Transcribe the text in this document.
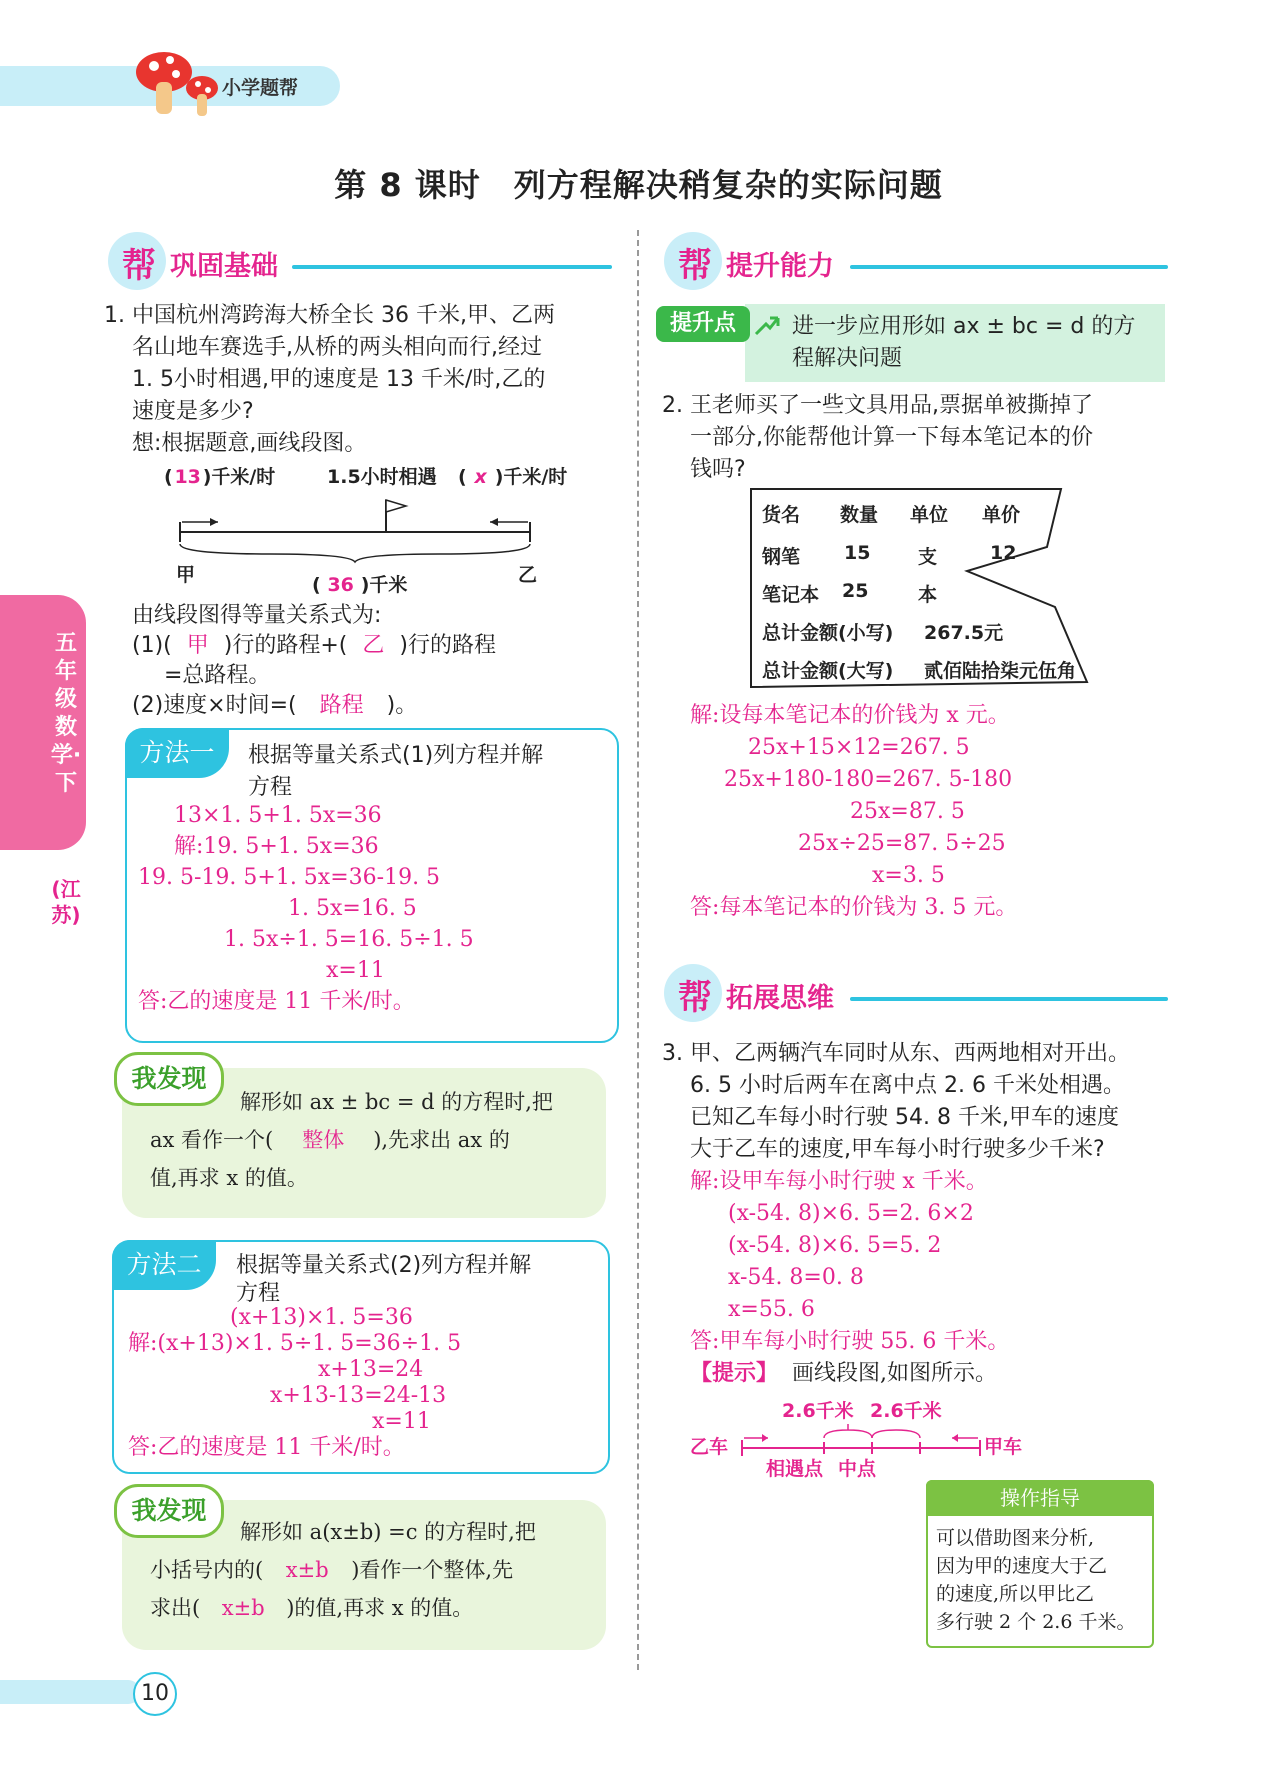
小学题帮
第 8 课时　列方程解决稍复杂的实际问题
五年级数学·下
(江苏)
帮 巩固基础
1. 中国杭州湾跨海大桥全长 36 千米,甲、乙两
名山地车赛选手,从桥的两头相向而行,经过
1. 5小时相遇,甲的速度是 13 千米/时,乙的
速度是多少?
想:根据题意,画线段图。
(13)千米/时	1.5小时相遇 ( x )千米/时
甲	乙
( 36 )千米
由线段图得等量关系式为:
(1)( 甲 )行的路程+( 乙 )行的路程
=总路程。
(2)速度×时间=( 路程 )。
方法一	根据等量关系式(1)列方程并解
方程
13×1. 5+1. 5x=36
解:19. 5+1. 5x=36
19. 5-19. 5+1. 5x=36-19. 5
1. 5x=16. 5
1. 5x÷1. 5=16. 5÷1. 5
x=11
答:乙的速度是 11 千米/时。
我发现
解形如 ax ± bc = d 的方程时,把
ax 看作一个( 整体 ),先求出 ax 的
值,再求 x 的值。
方法二	根据等量关系式(2)列方程并解
方程
(x+13)×1. 5=36
解:(x+13)×1. 5÷1. 5=36÷1. 5
x+13=24
x+13-13=24-13
x=11
答:乙的速度是 11 千米/时。
我发现
解形如 a(x±b) =c 的方程时,把
小括号内的( x±b )看作一个整体,先
求出( x±b )的值,再求 x 的值。
帮 提升能力
提升点	进一步应用形如 ax ± bc = d 的方
程解决问题
2. 王老师买了一些文具用品,票据单被撕掉了
一部分,你能帮他计算一下每本笔记本的价
钱吗?
货名 数量 单位 单价
钢笔 15	支	12
笔记本 25	本
总计金额(小写) 267.5元
总计金额(大写) 贰佰陆拾柒元伍角
解:设每本笔记本的价钱为 x 元。
25x+15×12=267. 5
25x+180-180=267. 5-180
25x=87. 5
25x÷25=87. 5÷25
x=3. 5
答:每本笔记本的价钱为 3. 5 元。
帮 拓展思维
3. 甲、乙两辆汽车同时从东、西两地相对开出。
6. 5 小时后两车在离中点 2. 6 千米处相遇。
已知乙车每小时行驶 54. 8 千米,甲车的速度
大于乙车的速度,甲车每小时行驶多少千米?
解:设甲车每小时行驶 x 千米。
(x-54. 8)×6. 5=2. 6×2
(x-54. 8)×6. 5=5. 2
x-54. 8=0. 8
x=55. 6
答:甲车每小时行驶 55. 6 千米。
【提示】 画线段图,如图所示。
2.6千米 2.6千米
乙车	甲车
相遇点 中点
操作指导
可以借助图来分析,
因为甲的速度大于乙
的速度,所以甲比乙
多行驶 2 个 2.6 千米。
10
